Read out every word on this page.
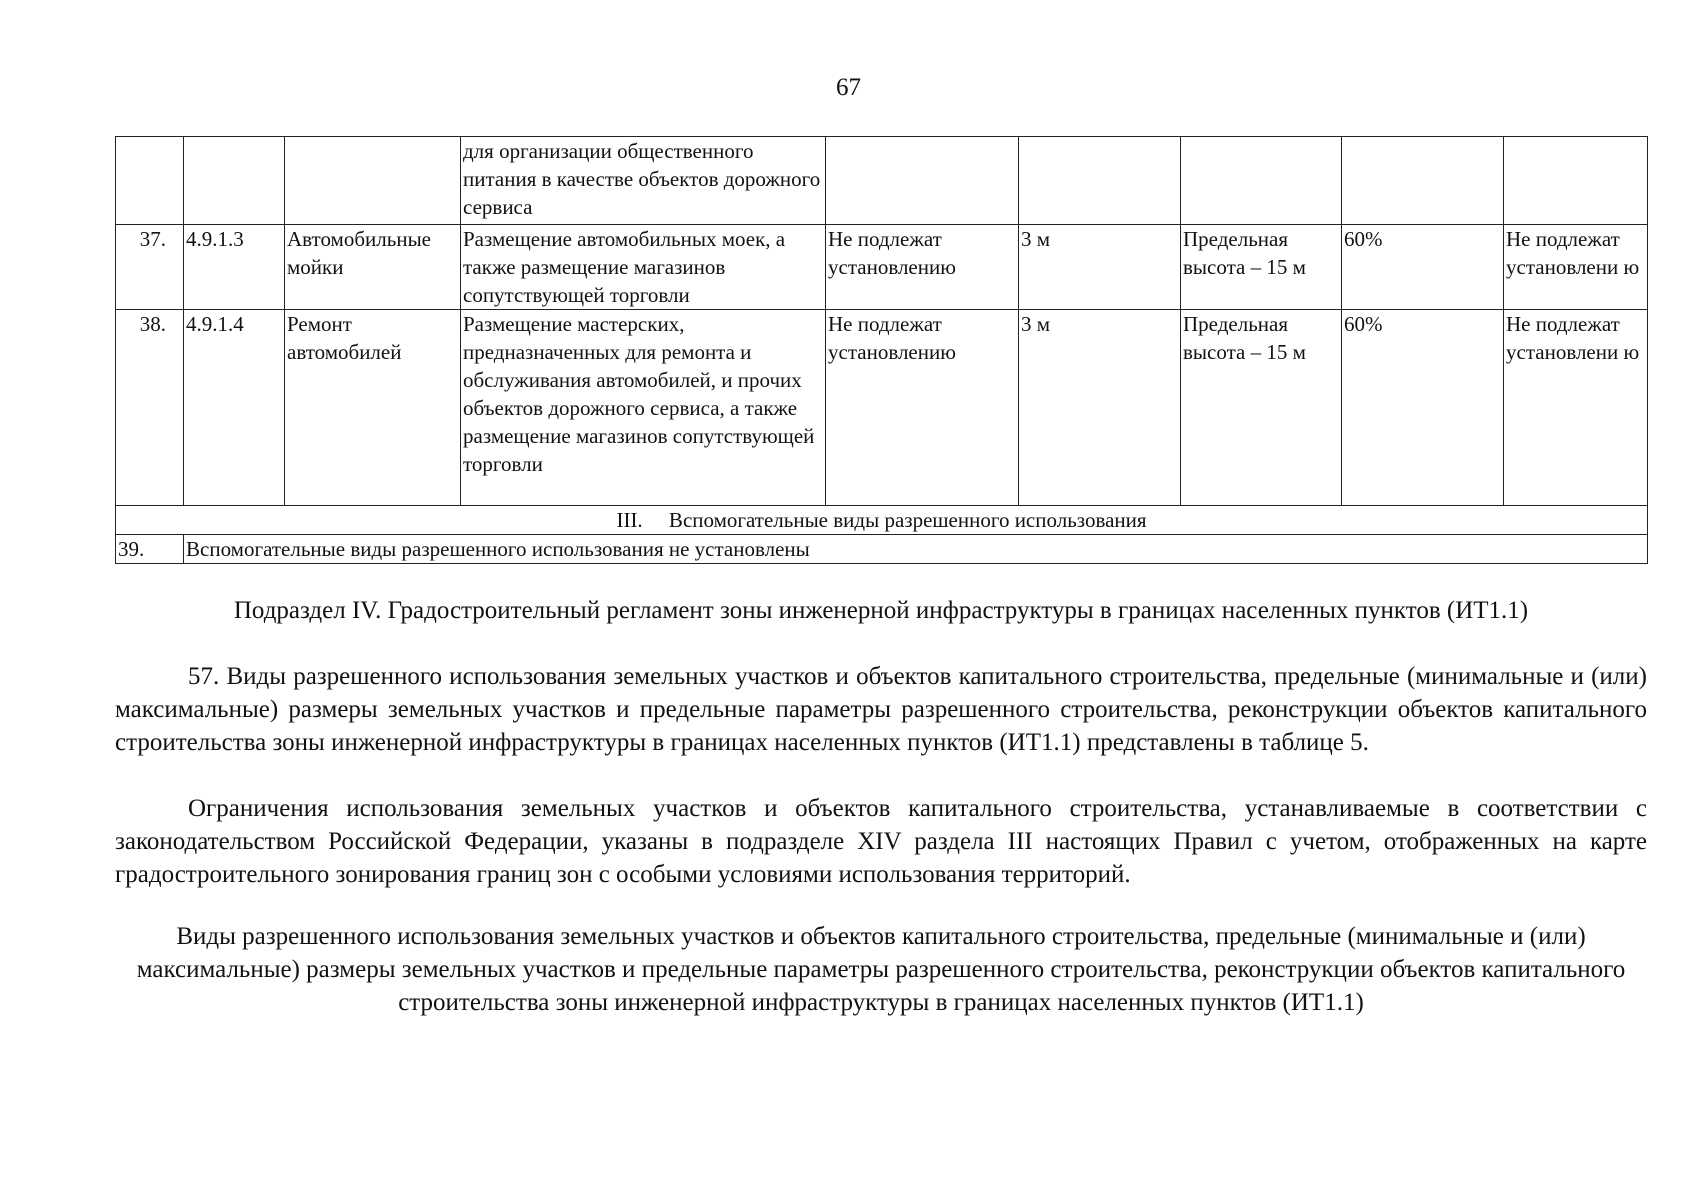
67
			для организации общественного питания в качестве объектов дорожного сервиса					
37.	4.9.1.3	Автомобильные мойки	Размещение автомобильных моек, а также размещение магазинов сопутствующей торговли	Не подлежат установлению	3 м	Предельная высота – 15 м	60%	Не подлежат установлени ю
38.	4.9.1.4	Ремонт автомобилей	Размещение мастерских, предназначенных для ремонта и обслуживания автомобилей, и прочих объектов дорожного сервиса, а также размещение магазинов сопутствующей торговли	Не подлежат установлению	3 м	Предельная высота – 15 м	60%	Не подлежат установлени ю
III.     Вспомогательные виды разрешенного использования								
39.	Вспомогательные виды разрешенного использования не установлены							
Подраздел IV. Градостроительный регламент зоны инженерной инфраструктуры в границах населенных пунктов (ИТ1.1)

57. Виды разрешенного использования земельных участков и объектов капитального строительства, предельные (минимальные и (или) максимальные) размеры земельных участков и предельные параметры разрешенного строительства, реконструкции объектов капитального строительства зоны инженерной инфраструктуры в границах населенных пунктов (ИТ1.1) представлены в таблице 5.

Ограничения использования земельных участков и объектов капитального строительства, устанавливаемые в соответствии с законодательством Российской Федерации, указаны в подразделе XIV раздела III настоящих Правил с учетом, отображенных на карте градостроительного зонирования границ зон с особыми условиями использования территорий.

Виды разрешенного использования земельных участков и объектов капитального строительства, предельные (минимальные и (или) максимальные) размеры земельных участков и предельные параметры разрешенного строительства, реконструкции объектов капитального строительства зоны инженерной инфраструктуры в границах населенных пунктов (ИТ1.1)
